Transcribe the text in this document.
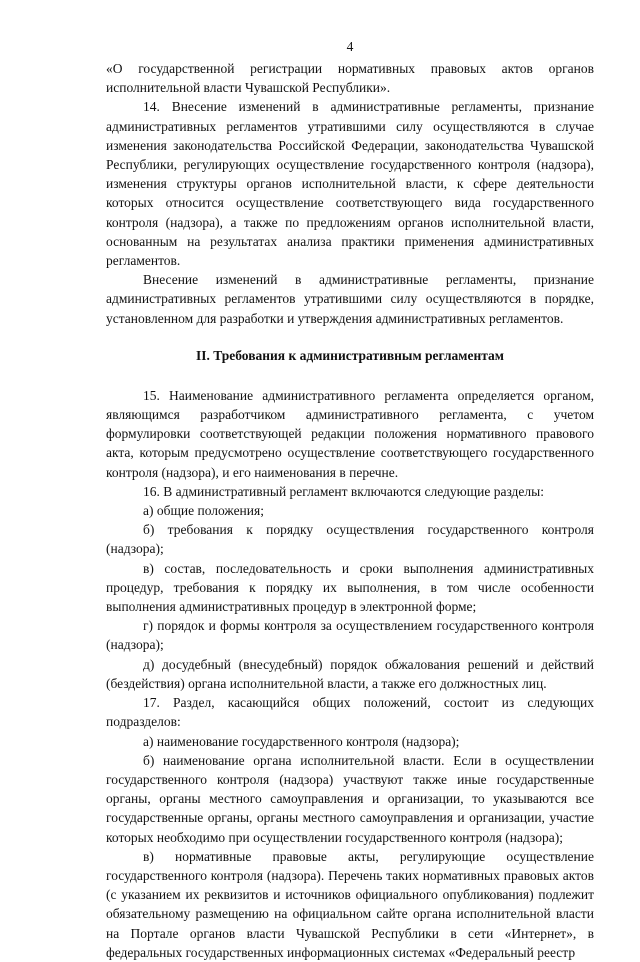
4

«О государственной регистрации нормативных правовых актов органов исполнительной власти Чувашской Республики».

14. Внесение изменений в административные регламенты, признание административных регламентов утратившими силу осуществляются в случае изменения законодательства Российской Федерации, законодательства Чувашской Республики, регулирующих осуществление государственного контроля (надзора), изменения структуры органов исполнительной власти, к сфере деятельности которых относится осуществление соответствующего вида государственного контроля (надзора), а также по предложениям органов исполнительной власти, основанным на результатах анализа практики применения административных регламентов.

Внесение изменений в административные регламенты, признание административных регламентов утратившими силу осуществляются в порядке, установленном для разработки и утверждения административных регламентов.

II. Требования к административным регламентам

15. Наименование административного регламента определяется органом, являющимся разработчиком административного регламента, с учетом формулировки соответствующей редакции положения нормативного правового акта, которым предусмотрено осуществление соответствующего государственного контроля (надзора), и его наименования в перечне.

16. В административный регламент включаются следующие разделы:

а) общие положения;

б) требования к порядку осуществления государственного контроля (надзора);

в) состав, последовательность и сроки выполнения административных процедур, требования к порядку их выполнения, в том числе особенности выполнения административных процедур в электронной форме;

г) порядок и формы контроля за осуществлением государственного контроля (надзора);

д) досудебный (внесудебный) порядок обжалования решений и действий (бездействия) органа исполнительной власти, а также его должностных лиц.

17. Раздел, касающийся общих положений, состоит из следующих подразделов:

а) наименование государственного контроля (надзора);

б) наименование органа исполнительной власти. Если в осуществлении государственного контроля (надзора) участвуют также иные государственные органы, органы местного самоуправления и организации, то указываются все государственные органы, органы местного самоуправления и организации, участие которых необходимо при осуществлении государственного контроля (надзора);

в) нормативные правовые акты, регулирующие осуществление государственного контроля (надзора). Перечень таких нормативных правовых актов (с указанием их реквизитов и источников официального опубликования) подлежит обязательному размещению на официальном сайте органа исполнительной власти на Портале органов власти Чувашской Республики в сети «Интернет», в федеральных государственных информационных системах «Федеральный реестр
